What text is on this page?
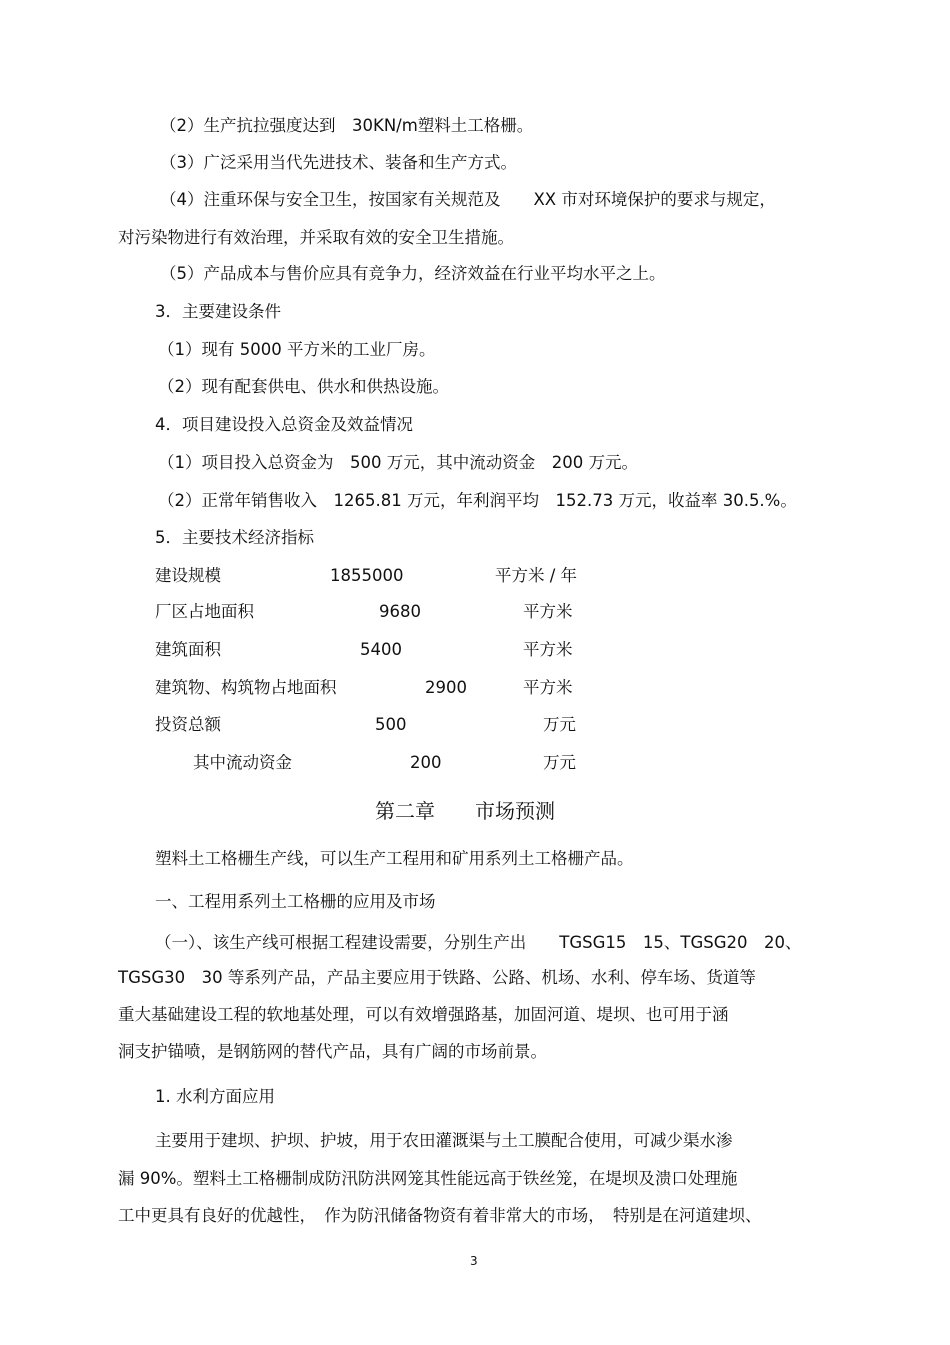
（2）生产抗拉强度达到　30KN/m塑料土工格栅。
（3）广泛采用当代先进技术、装备和生产方式。
（4）注重环保与安全卫生，按国家有关规范及　　XX 市对环境保护的要求与规定，
对污染物进行有效治理，并采取有效的安全卫生措施。
（5）产品成本与售价应具有竞争力，经济效益在行业平均水平之上。
3．主要建设条件
（1）现有 5000 平方米的工业厂房。
（2）现有配套供电、供水和供热设施。
4．项目建设投入总资金及效益情况
（1）项目投入总资金为　500 万元，其中流动资金　200 万元。
（2）正常年销售收入　1265.81 万元，年利润平均　152.73 万元，收益率 30.5.%。
5．主要技术经济指标
建设规模	1855000	平方米 / 年
厂区占地面积	9680	平方米
建筑面积	5400	平方米
建筑物、构筑物占地面积	2900	平方米
投资总额	500	万元
其中流动资金	200	万元
第二章　　市场预测
塑料土工格栅生产线，可以生产工程用和矿用系列土工格栅产品。
一、工程用系列土工格栅的应用及市场
（一）、该生产线可根据工程建设需要，分别生产出　　TGSG15　15、TGSG20　20、
TGSG30　30 等系列产品，产品主要应用于铁路、公路、机场、水利、停车场、货道等
重大基础建设工程的软地基处理，可以有效增强路基，加固河道、堤坝、也可用于涵
洞支护锚喷，是钢筋网的替代产品，具有广阔的市场前景。
1. 水利方面应用
主要用于建坝、护坝、护坡，用于农田灌溉渠与土工膜配合使用，可减少渠水渗
漏 90%。塑料土工格栅制成防汛防洪网笼其性能远高于铁丝笼，在堤坝及溃口处理施
工中更具有良好的优越性，　作为防汛储备物资有着非常大的市场，　特别是在河道建坝、
3
